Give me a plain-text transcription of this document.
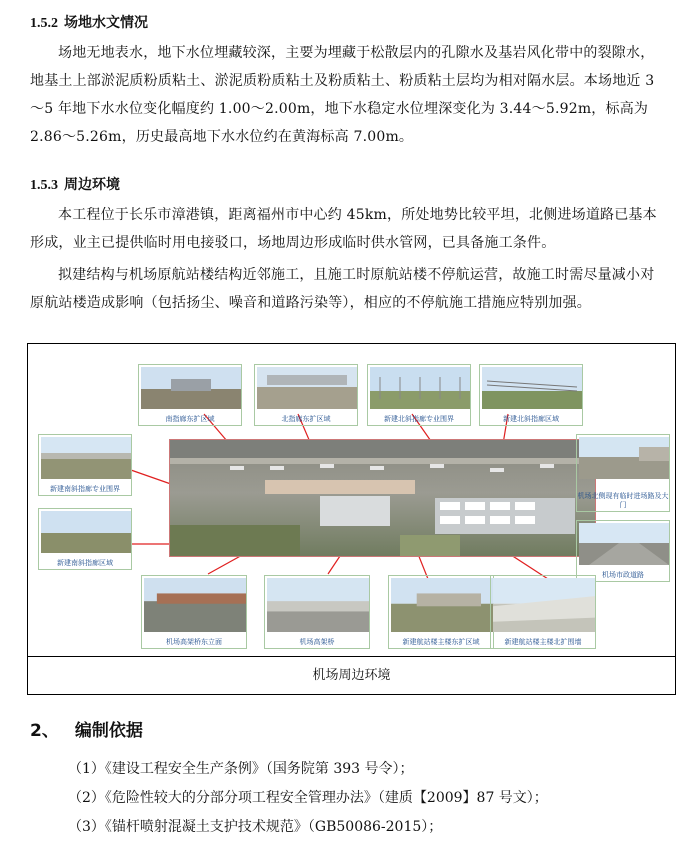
1.5.2 场地水文情况
场地无地表水，地下水位埋藏较深，主要为埋藏于松散层内的孔隙水及基岩风化带中的裂隙水，地基土上部淤泥质粉质粘土、淤泥质粉质粘土及粉质粘土、粉质粘土层均为相对隔水层。本场地近 3～5 年地下水水位变化幅度约 1.00～2.00m，地下水稳定水位埋深变化为 3.44～5.92m，标高为 2.86～5.26m，历史最高地下水水位约在黄海标高 7.00m。
1.5.3 周边环境
本工程位于长乐市漳港镇，距离福州市中心约 45km，所处地势比较平坦，北侧进场道路已基本形成，业主已提供临时用电接驳口，场地周边形成临时供水管网，已具备施工条件。
拟建结构与机场原航站楼结构近邻施工，且施工时原航站楼不停航运营，故施工时需尽量减小对原航站楼造成影响（包括扬尘、噪音和道路污染等），相应的不停航施工措施应特别加强。
南指廊东扩区域	北指廊东扩区域	新建北斜指廊专业围界	新建北斜指廊区域
新建南斜指廊专业围界
新建南斜指廊区域
机场北侧现有临时进场路及大门
机场市政道路
机场高架桥东立面	机场高架桥	新建航站楼主楼东扩区域	新建航站楼主楼北扩围墙
机场周边环境
2、 编制依据
（1）《建设工程安全生产条例》（国务院第 393 号令）；
（2）《危险性较大的分部分项工程安全管理办法》（建质【2009】87 号文）；
（3）《锚杆喷射混凝土支护技术规范》（GB50086-2015）；
